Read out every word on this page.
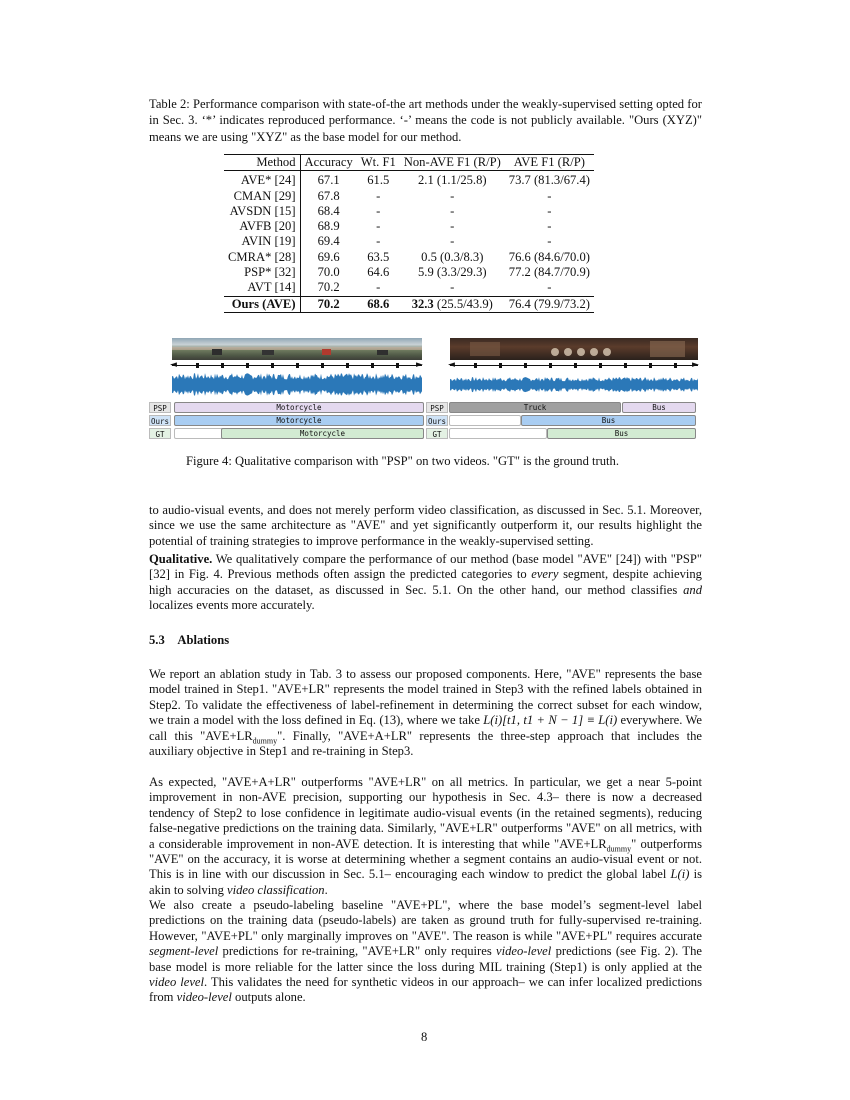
Table 2: Performance comparison with state-of-the art methods under the weakly-supervised setting opted for in Sec. 3. ‘*’ indicates reproduced performance. ‘-’ means the code is not publicly available. "Ours (XYZ)" means we are using "XYZ" as the base model for our method.

Method	Accuracy	Wt. F1	Non-AVE F1 (R/P)	AVE F1 (R/P)
AVE* [24]	67.1	61.5	2.1 (1.1/25.8)	73.7 (81.3/67.4)
CMAN [29]	67.8	-	-	-
AVSDN [15]	68.4	-	-	-
AVFB [20]	68.9	-	-	-
AVIN [19]	69.4	-	-	-
CMRA* [28]	69.6	63.5	0.5 (0.3/8.3)	76.6 (84.6/70.0)
PSP* [32]	70.0	64.6	5.9 (3.3/29.3)	77.2 (84.7/70.9)
AVT [14]	70.2	-	-	-
Ours (AVE)	70.2	68.6	32.3 (25.5/43.9)	76.4 (79.9/73.2)
◄	►	◄	►
PSP	Motorcycle
Ours	Motorcycle
GT	Motorcycle
PSP	Truck	Bus
Ours	Bus
GT	Bus

Figure 4: Qualitative comparison with "PSP" on two videos. "GT" is the ground truth.

to audio-visual events, and does not merely perform video classification, as discussed in Sec. 5.1. Moreover, since we use the same architecture as "AVE" and yet significantly outperform it, our results highlight the potential of training strategies to improve performance in the weakly-supervised setting.

Qualitative. We qualitatively compare the performance of our method (base model "AVE" [24]) with "PSP" [32] in Fig. 4. Previous methods often assign the predicted categories to every segment, despite achieving high accuracies on the dataset, as discussed in Sec. 5.1. On the other hand, our method classifies and localizes events more accurately.

5.3 Ablations

We report an ablation study in Tab. 3 to assess our proposed components. Here, "AVE" represents the base model trained in Step1. "AVE+LR" represents the model trained in Step3 with the refined labels obtained in Step2. To validate the effectiveness of label-refinement in determining the correct subset for each window, we train a model with the loss defined in Eq. (13), where we take L(i)[t1, t1 + N − 1] ≡ L(i) everywhere. We call this "$AVE+LR_{dummy}$". Finally, "AVE+A+LR" represents the three-step approach that includes the auxiliary objective in Step1 and re-training in Step3.

As expected, "AVE+A+LR" outperforms "AVE+LR" on all metrics. In particular, we get a near 5-point improvement in non-AVE precision, supporting our hypothesis in Sec. 4.3– there is now a decreased tendency of Step2 to lose confidence in legitimate audio-visual events (in the retained segments), reducing false-negative predictions on the training data. Similarly, "AVE+LR" outperforms "AVE" on all metrics, with a considerable improvement in non-AVE detection. It is interesting that while "$AVE+LR_{dummy}$" outperforms "AVE" on the accuracy, it is worse at determining whether a segment contains an audio-visual event or not. This is in line with our discussion in Sec. 5.1– encouraging each window to predict the global label L(i) is akin to solving video classification.

We also create a pseudo-labeling baseline "AVE+PL", where the base model’s segment-level label predictions on the training data (pseudo-labels) are taken as ground truth for fully-supervised re-training. However, "AVE+PL" only marginally improves on "AVE". The reason is while "AVE+PL" requires accurate segment-level predictions for re-training, "AVE+LR" only requires video-level predictions (see Fig. 2). The base model is more reliable for the latter since the loss during MIL training (Step1) is only applied at the video level. This validates the need for synthetic videos in our approach– we can infer localized predictions from video-level outputs alone.

8
